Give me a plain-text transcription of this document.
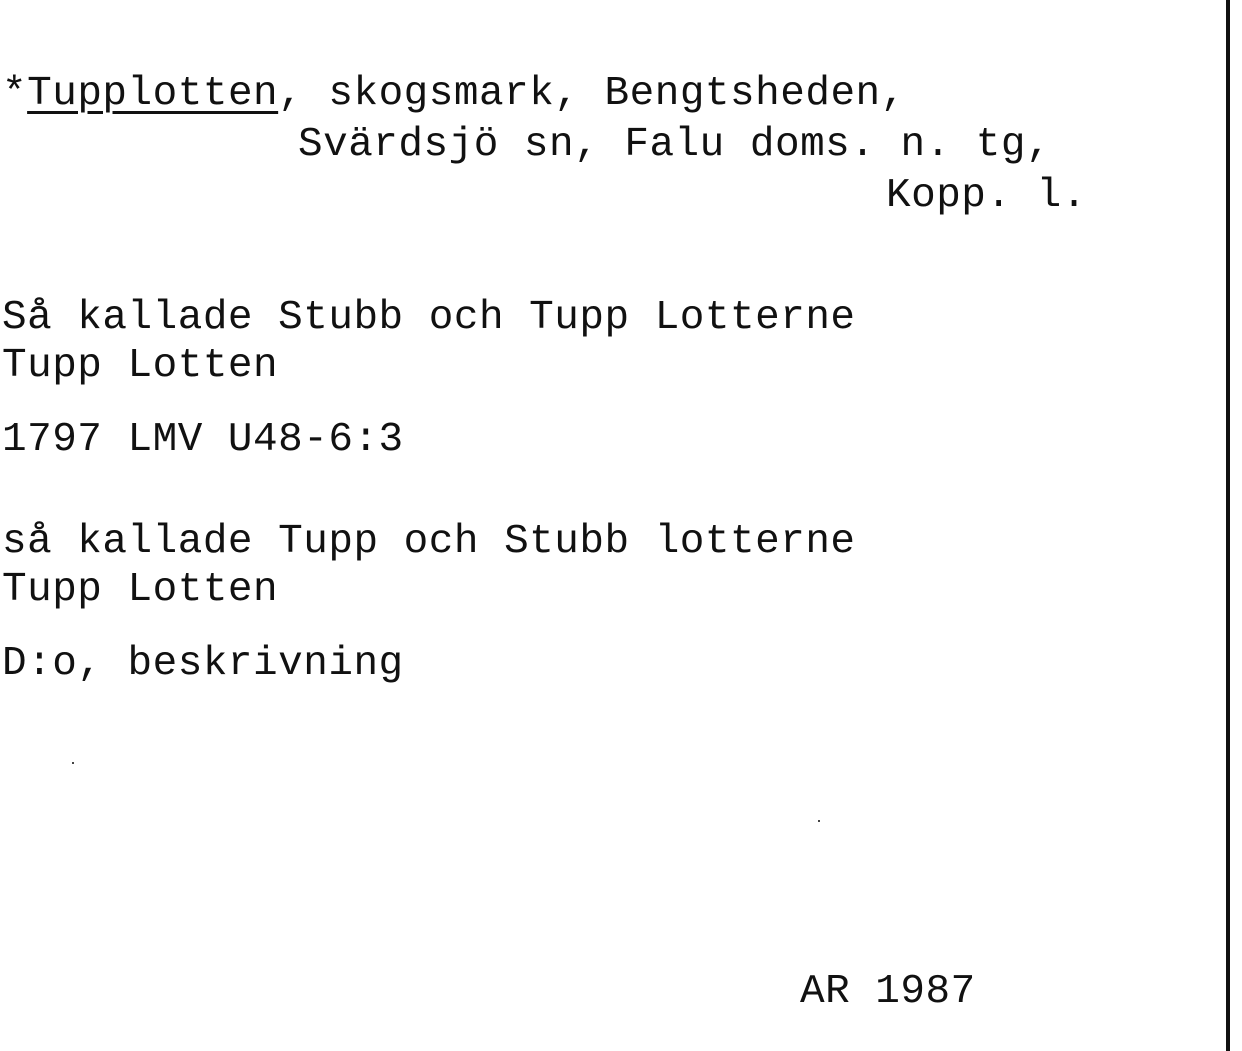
*Tupplotten, skogsmark, Bengtsheden,
Svärdsjö sn, Falu doms. n. tg,
Kopp. l.
Så kallade Stubb och Tupp Lotterne
Tupp Lotten
1797 LMV U48-6:3
så kallade Tupp och Stubb lotterne
Tupp Lotten
D:o, beskrivning
AR 1987
